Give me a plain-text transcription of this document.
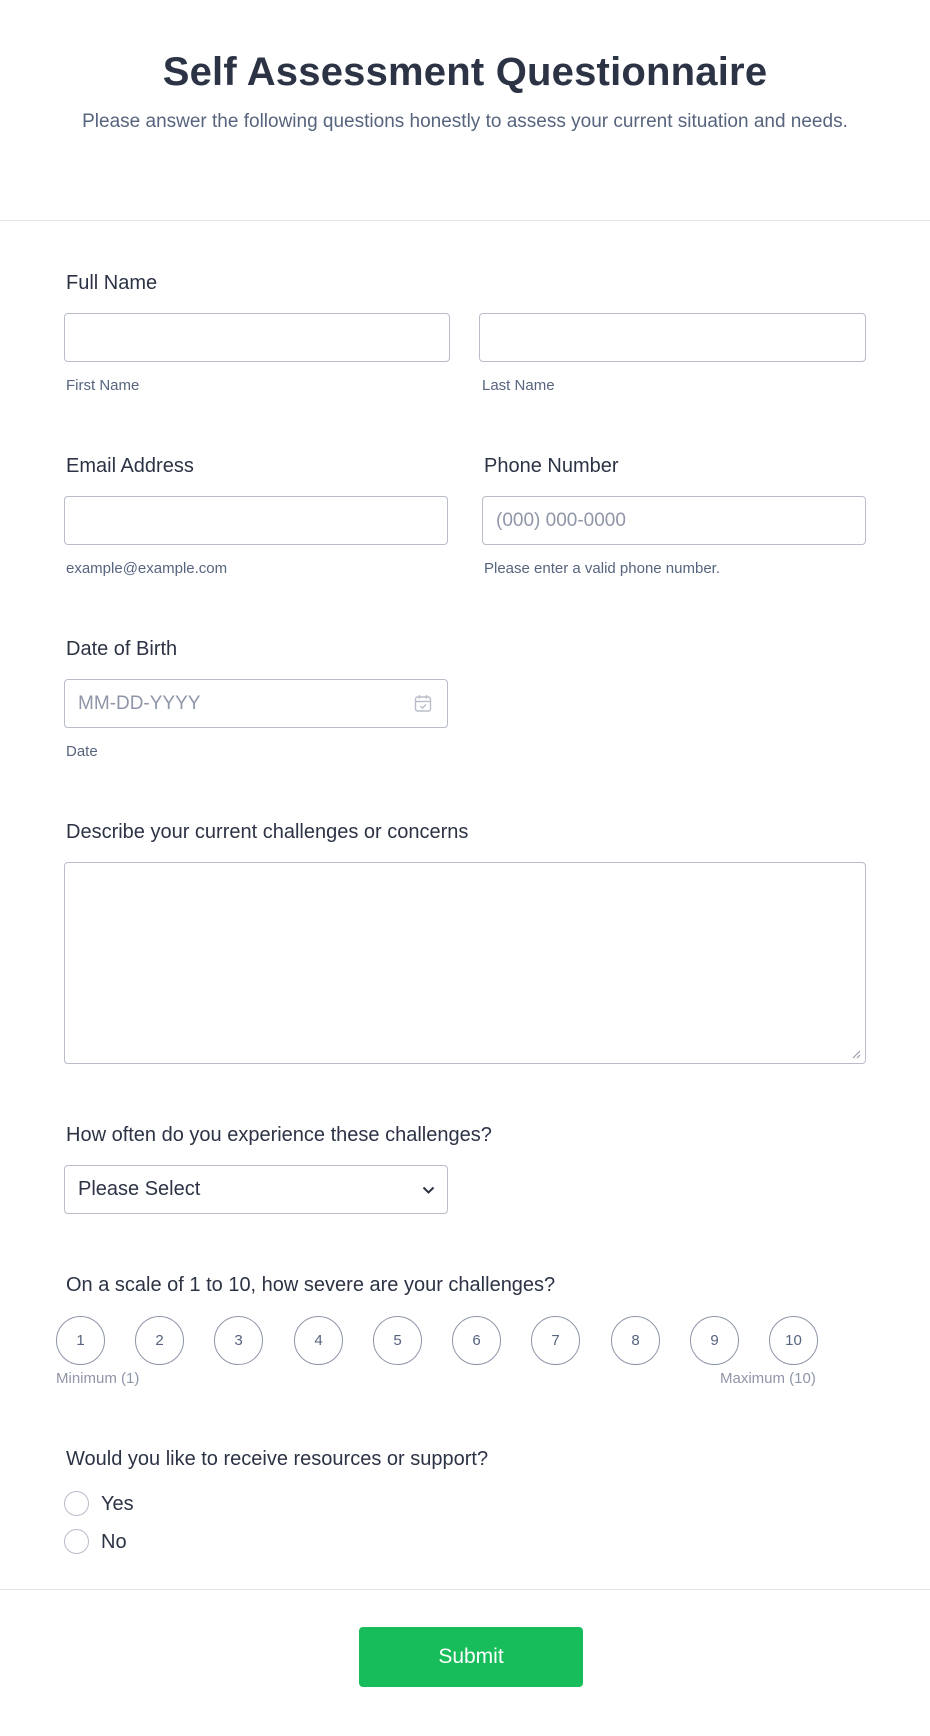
Self Assessment Questionnaire

Please answer the following questions honestly to assess your current situation and needs.

Full Name
First Name	Last Name
Email Address	Phone Number
(000) 000-0000
example@example.com	Please enter a valid phone number.
Date of Birth
MM-DD-YYYY
Date
Describe your current challenges or concerns
How often do you experience these challenges?
Please Select
On a scale of 1 to 10, how severe are your challenges?
1	2	3	4	5	6	7	8	9	10
Minimum (1)	Maximum (10)
Would you like to receive resources or support?
Yes
No
Submit
